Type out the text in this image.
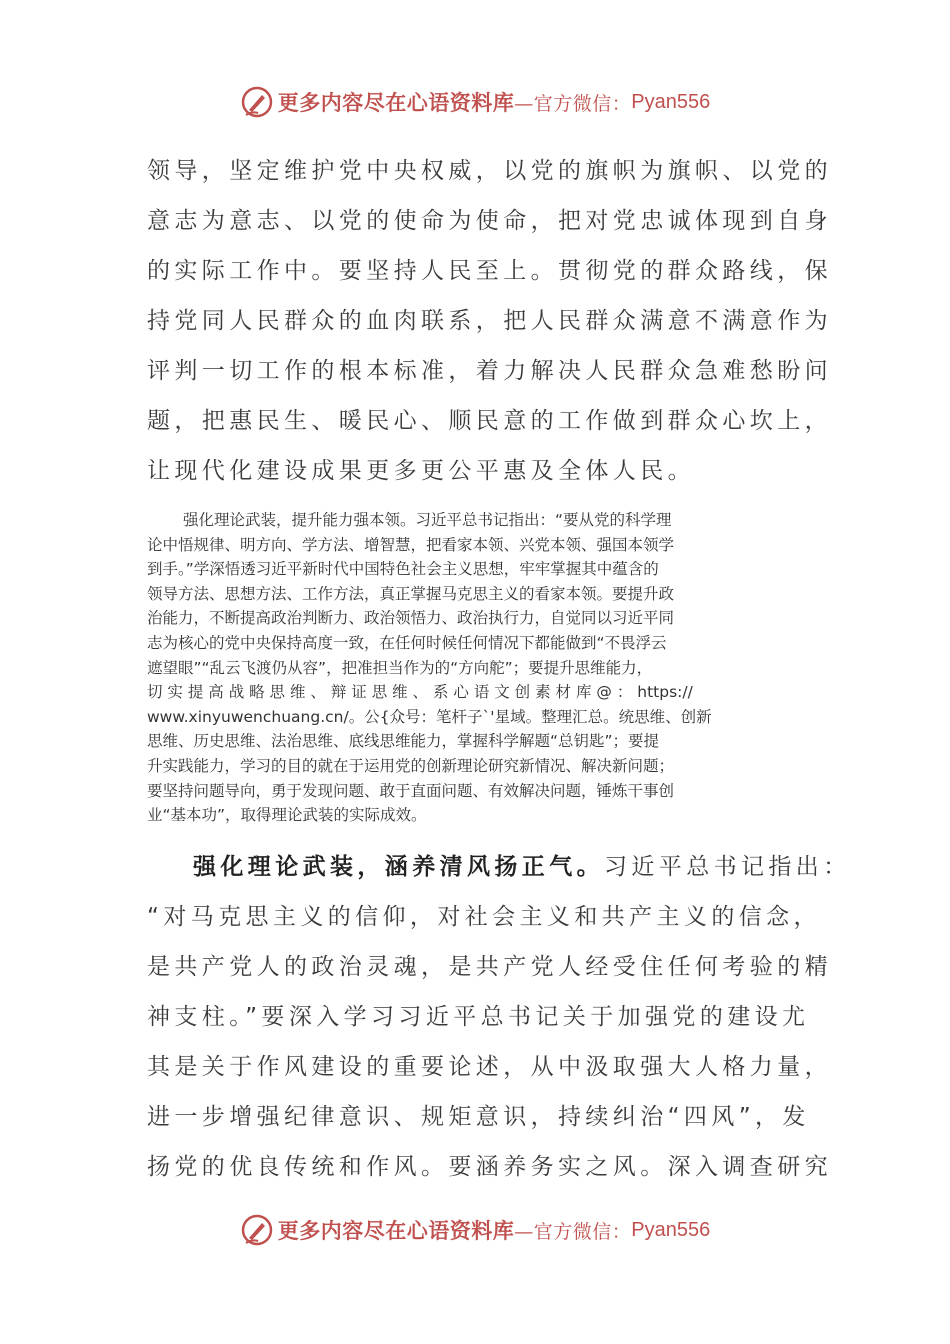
更多内容尽在心语资料库 —官方微信： Pyan556
领导，坚定维护党中央权威，以党的旗帜为旗帜、以党的
意志为意志、以党的使命为使命，把对党忠诚体现到自身
的实际工作中。要坚持人民至上。贯彻党的群众路线，保
持党同人民群众的血肉联系，把人民群众满意不满意作为
评判一切工作的根本标准，着力解决人民群众急难愁盼问
题，把惠民生、暖民心、顺民意的工作做到群众心坎上，
让现代化建设成果更多更公平惠及全体人民。
强化理论武装，提升能力强本领。习近平总书记指出：“要从党的科学理
论中悟规律、明方向、学方法、增智慧，把看家本领、兴党本领、强国本领学
到手。”学深悟透习近平新时代中国特色社会主义思想，牢牢掌握其中蕴含的
领导方法、思想方法、工作方法，真正掌握马克思主义的看家本领。要提升政
治能力，不断提高政治判断力、政治领悟力、政治执行力，自觉同以习近平同
志为核心的党中央保持高度一致，在任何时候任何情况下都能做到“不畏浮云
遮望眼”“乱云飞渡仍从容”，把准担当作为的“方向舵”；要提升思维能力，
切 实 提 高 战 略 思 维 、 辩 证 思 维 、 系 心 语 文 创 素 材 库 @ ： https://
www.xinyuwenchuang.cn/。公{众号：笔杆子`'星域。整理汇总。统思维、创新
思维、历史思维、法治思维、底线思维能力，掌握科学解题“总钥匙”；要提
升实践能力，学习的目的就在于运用党的创新理论研究新情况、解决新问题；
要坚持问题导向，勇于发现问题、敢于直面问题、有效解决问题，锤炼干事创
业“基本功”，取得理论武装的实际成效。
强化理论武装，涵养清风扬正气。习近平总书记指出：
“对马克思主义的信仰，对社会主义和共产主义的信念，
是共产党人的政治灵魂，是共产党人经受住任何考验的精
神支柱。”要深入学习习近平总书记关于加强党的建设尤
其是关于作风建设的重要论述，从中汲取强大人格力量，
进一步增强纪律意识、规矩意识，持续纠治“四风”，发
扬党的优良传统和作风。要涵养务实之风。深入调查研究
更多内容尽在心语资料库 —官方微信： Pyan556
